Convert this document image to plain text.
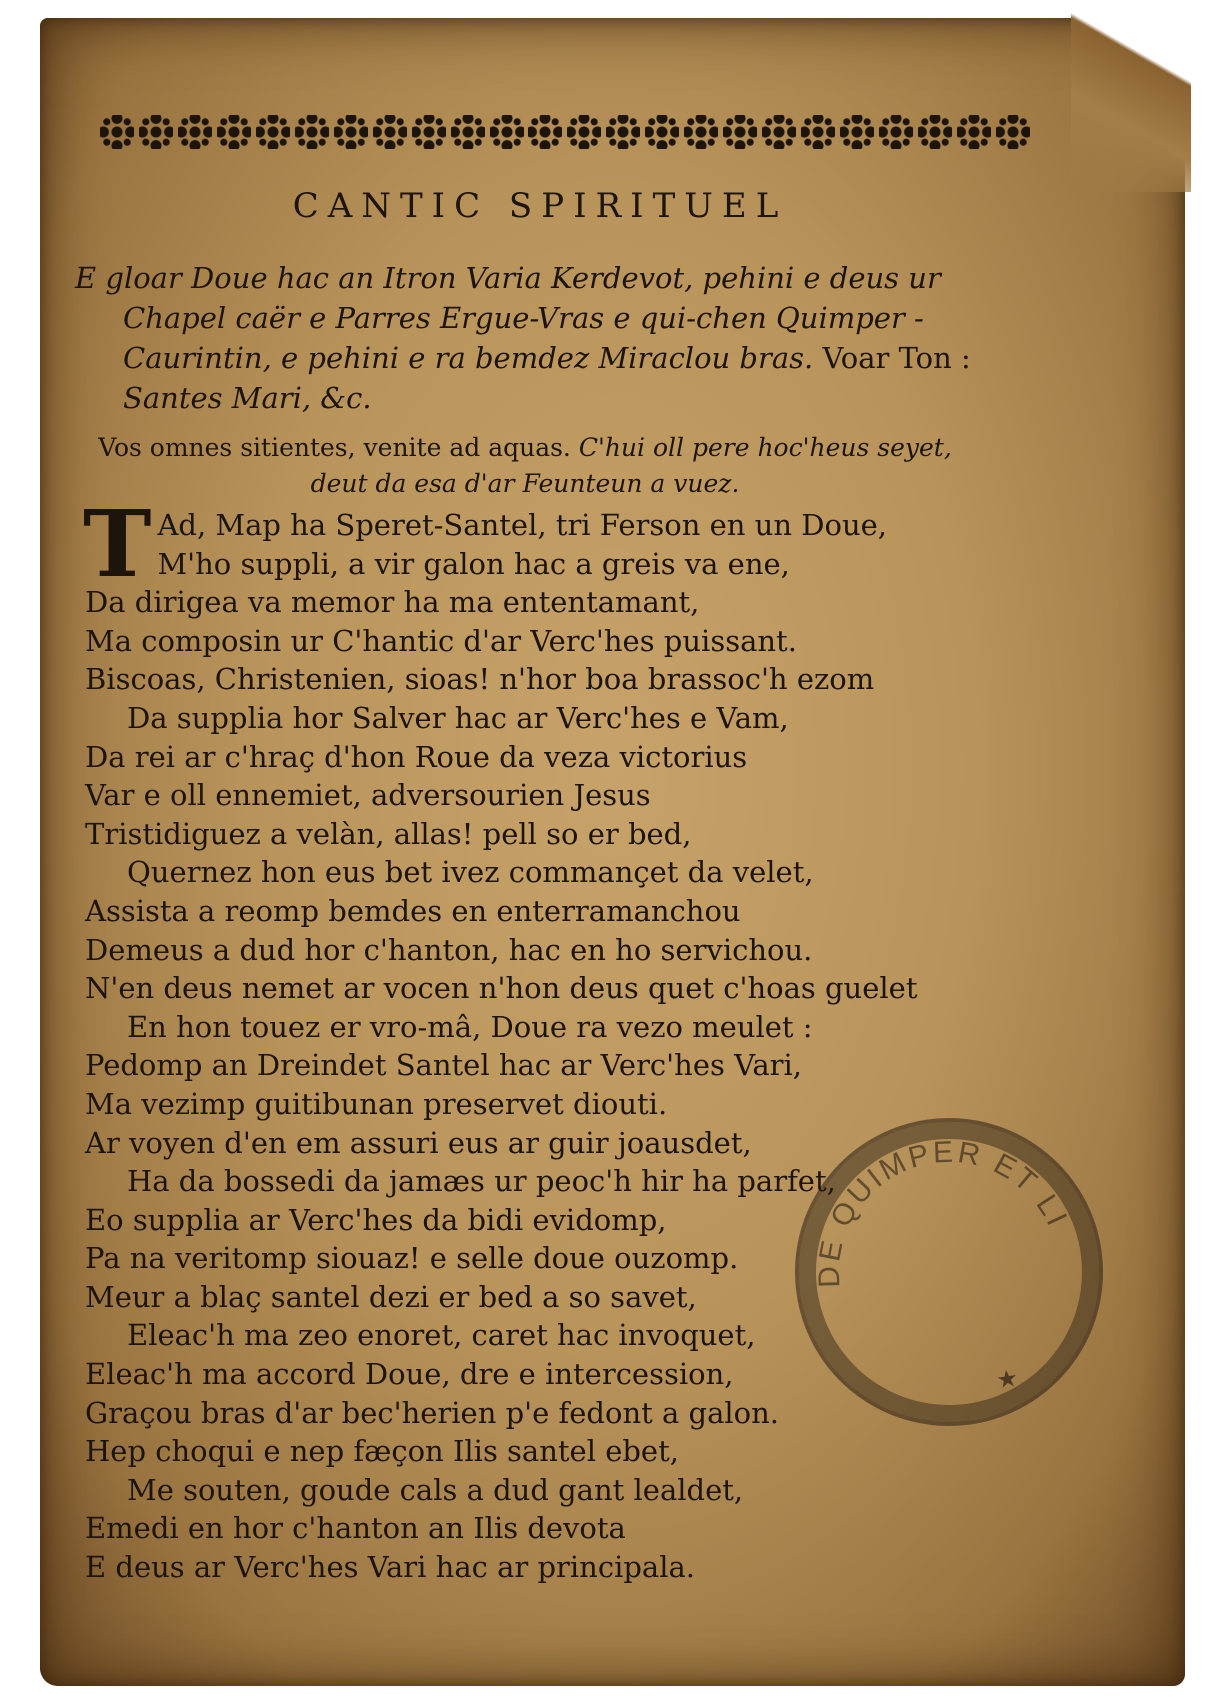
CANTIC SPIRITUEL
E gloar Doue hac an Itron Varia Kerdevot, pehini e deus ur Chapel caër e Parres Ergue-Vras e qui-chen Quimper - Caurintin, e pehini e ra bemdez Miraclou bras. Voar Ton : Santes Mari, &c.
Vos omnes sitientes, venite ad aquas. C'hui oll pere hoc'heus seyet, deut da esa d'ar Feunteun a vuez.
T Ad, Map ha Speret-Santel, tri Ferson en un Doue,
M'ho suppli, a vir galon hac a greis va ene,
Da dirigea va memor ha ma ententamant,
Ma composin ur C'hantic d'ar Verc'hes puissant.
Biscoas, Christenien, sioas! n'hor boa brassoc'h ezom
Da supplia hor Salver hac ar Verc'hes e Vam,
Da rei ar c'hraç d'hon Roue da veza victorius
Var e oll ennemiet, adversourien Jesus
Tristidiguez a velàn, allas! pell so er bed,
Quernez hon eus bet ivez commançet da velet,
Assista a reomp bemdes en enterramanchou
Demeus a dud hor c'hanton, hac en ho servichou.
N'en deus nemet ar vocen n'hon deus quet c'hoas guelet
En hon touez er vro-mâ, Doue ra vezo meulet :
Pedomp an Dreindet Santel hac ar Verc'hes Vari,
Ma vezimp guitibunan preservet diouti.
Ar voyen d'en em assuri eus ar guir joausdet,
Ha da bossedi da jamæs ur peoc'h hir ha parfet,
Eo supplia ar Verc'hes da bidi evidomp,
Pa na veritomp siouaz! e selle doue ouzomp.
Meur a blaç santel dezi er bed a so savet,
Eleac'h ma zeo enoret, caret hac invoquet,
Eleac'h ma accord Doue, dre e intercession,
Graçou bras d'ar bec'herien p'e fedont a galon.
Hep choqui e nep fæçon Ilis santel ebet,
Me souten, goude cals a dud gant lealdet,
Emedi en hor c'hanton an Ilis devota
E deus ar Verc'hes Vari hac ar principala.
DE QUIMPER ET LI
★
